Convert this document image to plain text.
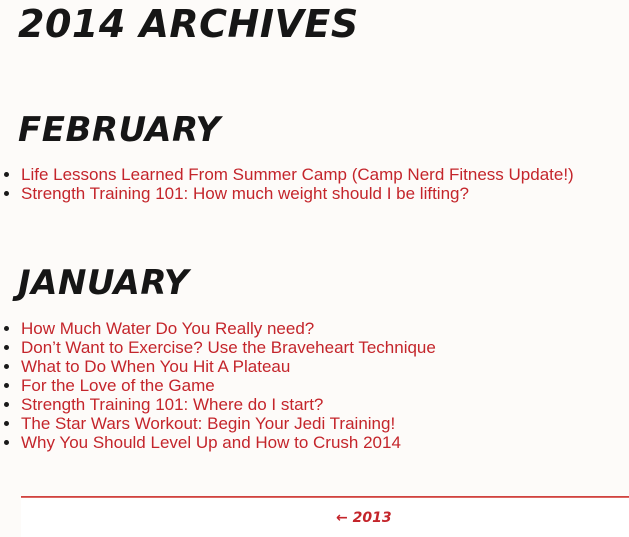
2014 ARCHIVES
FEBRUARY
• Life Lessons Learned From Summer Camp (Camp Nerd Fitness Update!)
• Strength Training 101: How much weight should I be lifting?
JANUARY
• How Much Water Do You Really need?
• Don’t Want to Exercise? Use the Braveheart Technique
• What to Do When You Hit A Plateau
• For the Love of the Game
• Strength Training 101: Where do I start?
• The Star Wars Workout: Begin Your Jedi Training!
• Why You Should Level Up and How to Crush 2014
← 2013
